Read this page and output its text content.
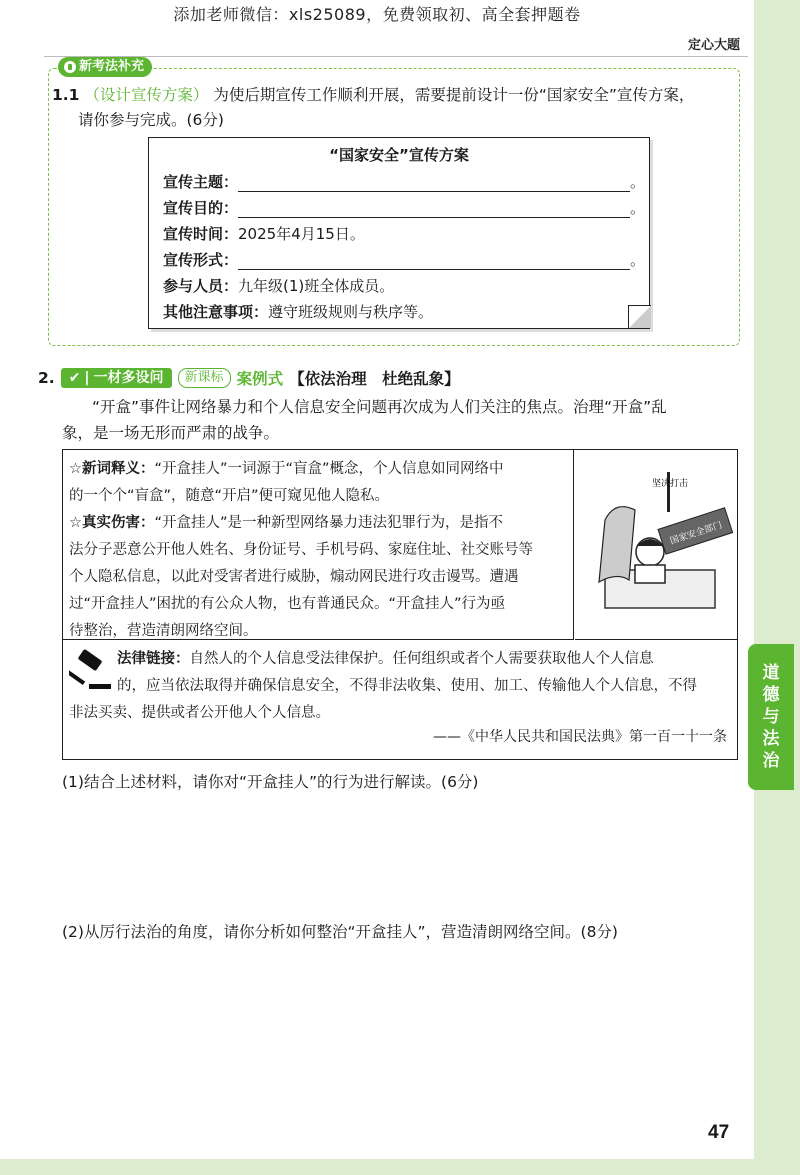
添加老师微信：xls25089，免费领取初、高全套押题卷
定心大题
新考法补充
1.1 （设计宣传方案） 为使后期宣传工作顺利开展，需要提前设计一份“国家安全”宣传方案，
请你参与完成。(6分)
“国家安全”宣传方案
宣传主题：	。
宣传目的：	。
宣传时间：2025年4月15日。
宣传形式：	。
参与人员：九年级(1)班全体成员。
其他注意事项：遵守班级规则与秩序等。
2. ✔ | 一材多设问	新课标 案例式 【依法治理　杜绝乱象】
“开盒”事件让网络暴力和个人信息安全问题再次成为人们关注的焦点。治理“开盒”乱
象，是一场无形而严肃的战争。
☆新词释义：“开盒挂人”一词源于“盲盒”概念，个人信息如同网络中
的一个个“盲盒”，随意“开启”便可窥见他人隐私。
☆真实伤害：“开盒挂人”是一种新型网络暴力违法犯罪行为，是指不
法分子恶意公开他人姓名、身份证号、手机号码、家庭住址、社交账号等
个人隐私信息，以此对受害者进行威胁，煽动网民进行攻击谩骂。遭遇
过“开盒挂人”困扰的有公众人物，也有普通民众。“开盒挂人”行为亟
待整治，营造清朗网络空间。
国家安全部门
坚决打击
法律链接：自然人的个人信息受法律保护。任何组织或者个人需要获取他人个人信息
的，应当依法取得并确保信息安全，不得非法收集、使用、加工、传输他人个人信息，不得
非法买卖、提供或者公开他人个人信息。
——《中华人民共和国民法典》第一百一十一条
(1)结合上述材料，请你对“开盒挂人”的行为进行解读。(6分)
(2)从厉行法治的角度，请你分析如何整治“开盒挂人”，营造清朗网络空间。(8分)
道
德
与
法
治
47
